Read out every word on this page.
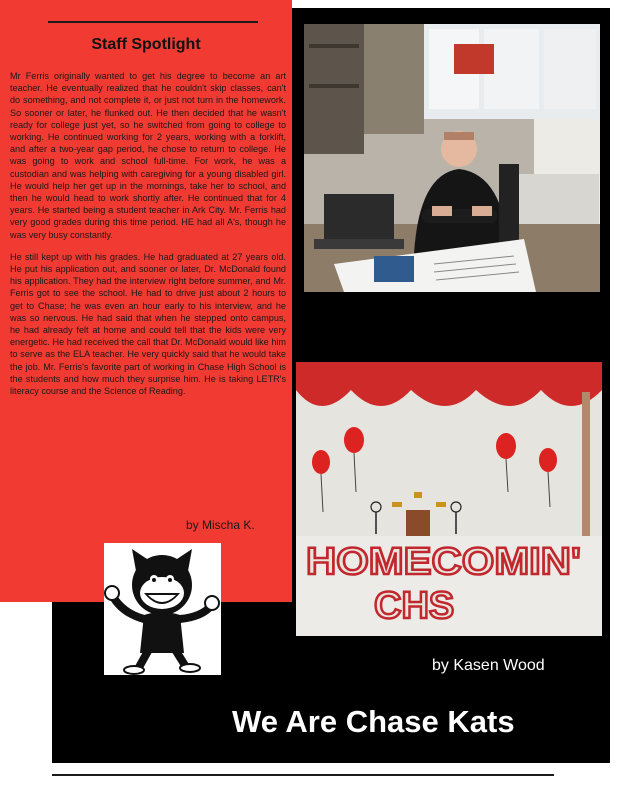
Staff Spotlight

Mr Ferris originally wanted to get his degree to become an art teacher. He eventually realized that he couldn't skip classes, can't do something, and not complete it, or just not turn in the homework. So sooner or later, he flunked out. He then decided that he wasn't ready for college just yet, so he switched from going to college to working. He continued working for 2 years, working with a forklift, and after a two-year gap period, he chose to return to college. He was going to work and school full-time. For work, he was a custodian and was helping with caregiving for a young disabled girl. He would help her get up in the mornings, take her to school, and then he would head to work shortly after. He continued that for 4 years. He started being a student teacher in Ark City. Mr. Ferris had very good grades during this time period. HE had all A's, though he was very busy constantly.

He still kept up with his grades. He had graduated at 27 years old. He put his application out, and sooner or later, Dr. McDonald found his application. They had the interview right before summer, and Mr. Ferris got to see the school. He had to drive just about 2 hours to get to Chase; he was even an hour early to his interview, and he was so nervous. He had said that when he stepped onto campus, he had already felt at home and could tell that the kids were very energetic. He had received the call that Dr. McDonald would like him to serve as the ELA teacher. He very quickly said that he would take the job. Mr. Ferris's favorite part of working in Chase High School is the students and how much they surprise him. He is taking LETR's literacy course and the Science of Reading.

by Mischa K.
HOMECOMIN'
CHS
by Kasen Wood
We Are Chase Kats
